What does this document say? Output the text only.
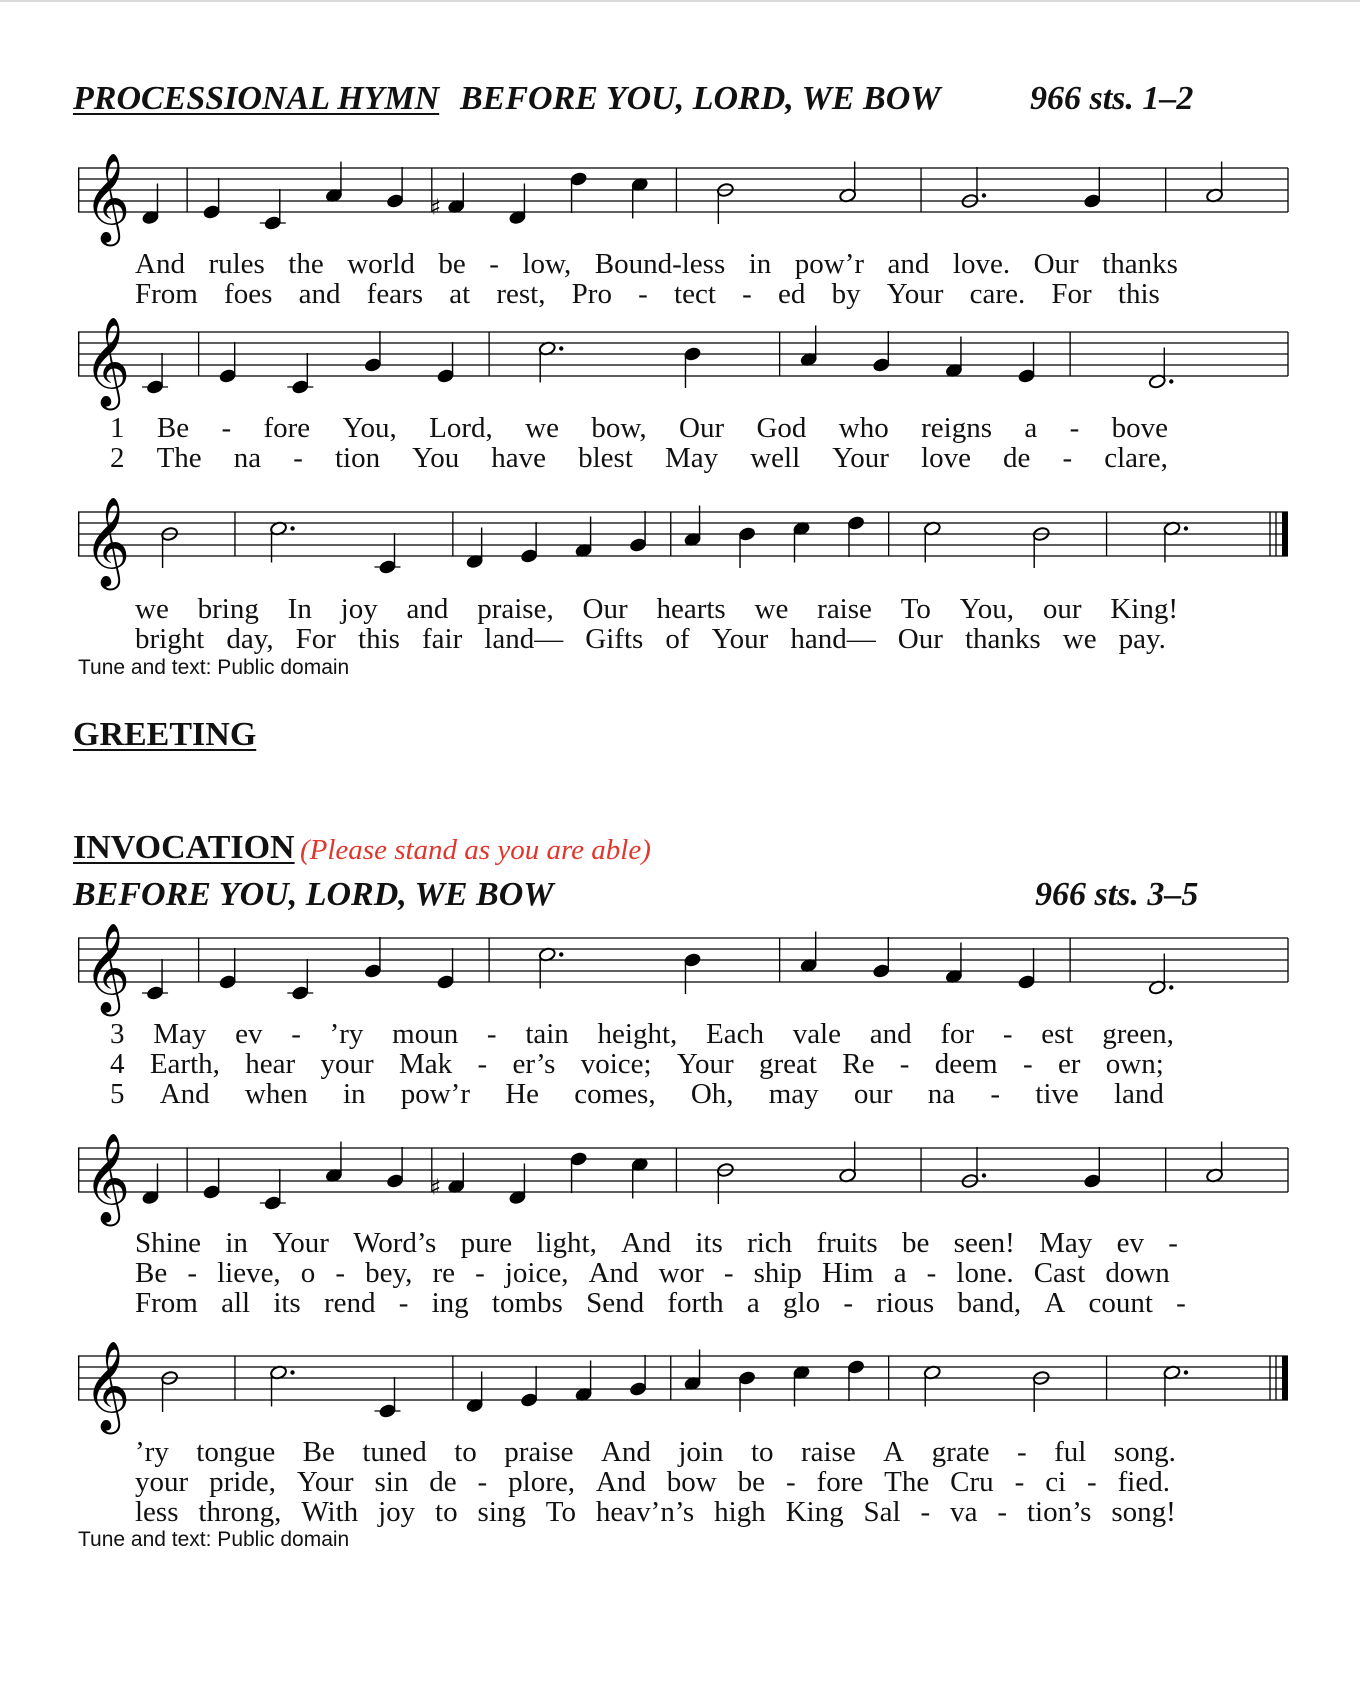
PROCESSIONAL HYMN BEFORE YOU, LORD, WE BOW	966 sts. 1–2
𝄞	♯
And rules the world be - low, Bound-less in pow’r and love. Our thanks
From foes and fears at rest, Pro - tect - ed by Your care. For this
𝄞
1 Be - fore You, Lord, we bow, Our God who reigns a - bove
2 The na - tion You have blest May well Your love de - clare,
𝄞
we bring In joy and praise, Our hearts we raise To You, our King!
bright day, For this fair land— Gifts of Your hand— Our thanks we pay.
Tune and text: Public domain
GREETING
INVOCATION (Please stand as you are able)
BEFORE YOU, LORD, WE BOW	966 sts. 3–5
𝄞
3 May ev - ’ry moun - tain height, Each vale and for - est green,
4 Earth, hear your Mak - er’s voice; Your great Re - deem - er own;
5 And when in pow’r He comes, Oh, may our na - tive land
𝄞	♯
Shine in Your Word’s pure light, And its rich fruits be seen! May ev -
Be - lieve, o - bey, re - joice, And wor - ship Him a - lone. Cast down
From all its rend - ing tombs Send forth a glo - rious band, A count -
𝄞
’ry tongue Be tuned to praise And join to raise A grate - ful song.
your pride, Your sin de - plore, And bow be - fore The Cru - ci - fied.
less throng, With joy to sing To heav’n’s high King Sal - va - tion’s song!
Tune and text: Public domain
